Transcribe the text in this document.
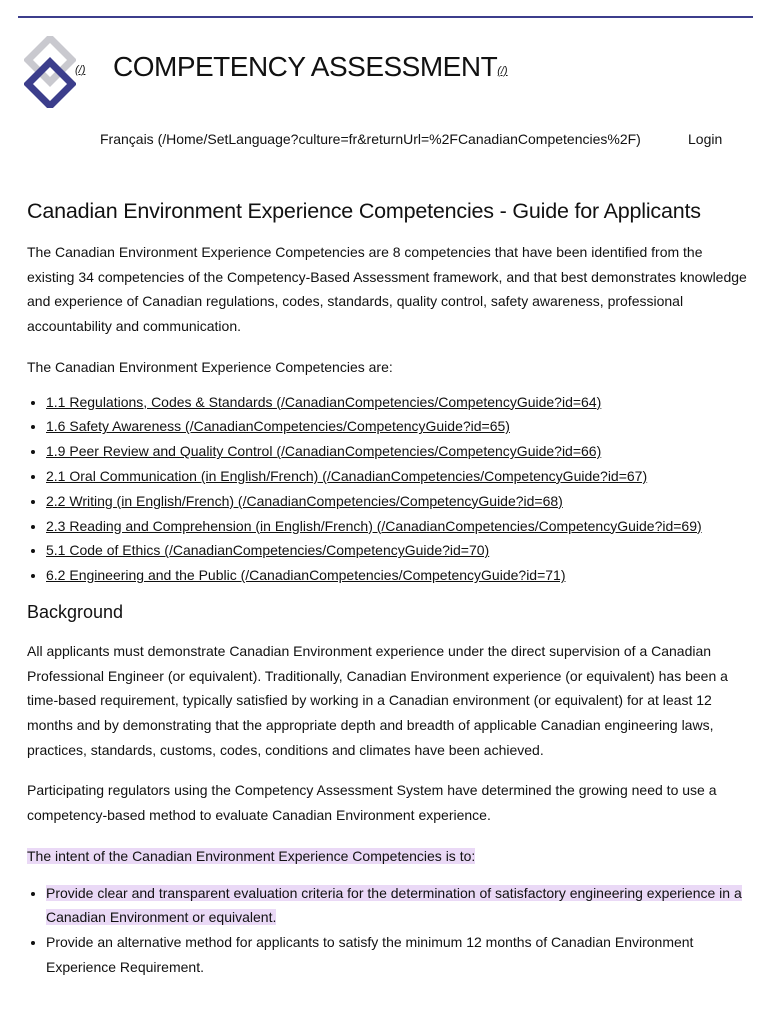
(/) COMPETENCY ASSESSMENT(/)
Français (/Home/SetLanguage?culture=fr&returnUrl=%2FCanadianCompetencies%2F)	Login
Canadian Environment Experience Competencies - Guide for Applicants

The Canadian Environment Experience Competencies are 8 competencies that have been identified from the existing 34 competencies of the Competency-Based Assessment framework, and that best demonstrates knowledge and experience of Canadian regulations, codes, standards, quality control, safety awareness, professional accountability and communication.

The Canadian Environment Experience Competencies are:

• 1.1 Regulations, Codes & Standards (/CanadianCompetencies/CompetencyGuide?id=64)
• 1.6 Safety Awareness (/CanadianCompetencies/CompetencyGuide?id=65)
• 1.9 Peer Review and Quality Control (/CanadianCompetencies/CompetencyGuide?id=66)
• 2.1 Oral Communication (in English/French) (/CanadianCompetencies/CompetencyGuide?id=67)
• 2.2 Writing (in English/French) (/CanadianCompetencies/CompetencyGuide?id=68)
• 2.3 Reading and Comprehension (in English/French) (/CanadianCompetencies/CompetencyGuide?id=69)
• 5.1 Code of Ethics (/CanadianCompetencies/CompetencyGuide?id=70)
• 6.2 Engineering and the Public (/CanadianCompetencies/CompetencyGuide?id=71)
Background

All applicants must demonstrate Canadian Environment experience under the direct supervision of a Canadian Professional Engineer (or equivalent). Traditionally, Canadian Environment experience (or equivalent) has been a time-based requirement, typically satisfied by working in a Canadian environment (or equivalent) for at least 12 months and by demonstrating that the appropriate depth and breadth of applicable Canadian engineering laws, practices, standards, customs, codes, conditions and climates have been achieved.

Participating regulators using the Competency Assessment System have determined the growing need to use a competency-based method to evaluate Canadian Environment experience.

The intent of the Canadian Environment Experience Competencies is to:

• Provide clear and transparent evaluation criteria for the determination of satisfactory engineering experience in a Canadian Environment or equivalent.
• Provide an alternative method for applicants to satisfy the minimum 12 months of Canadian Environment Experience Requirement.
